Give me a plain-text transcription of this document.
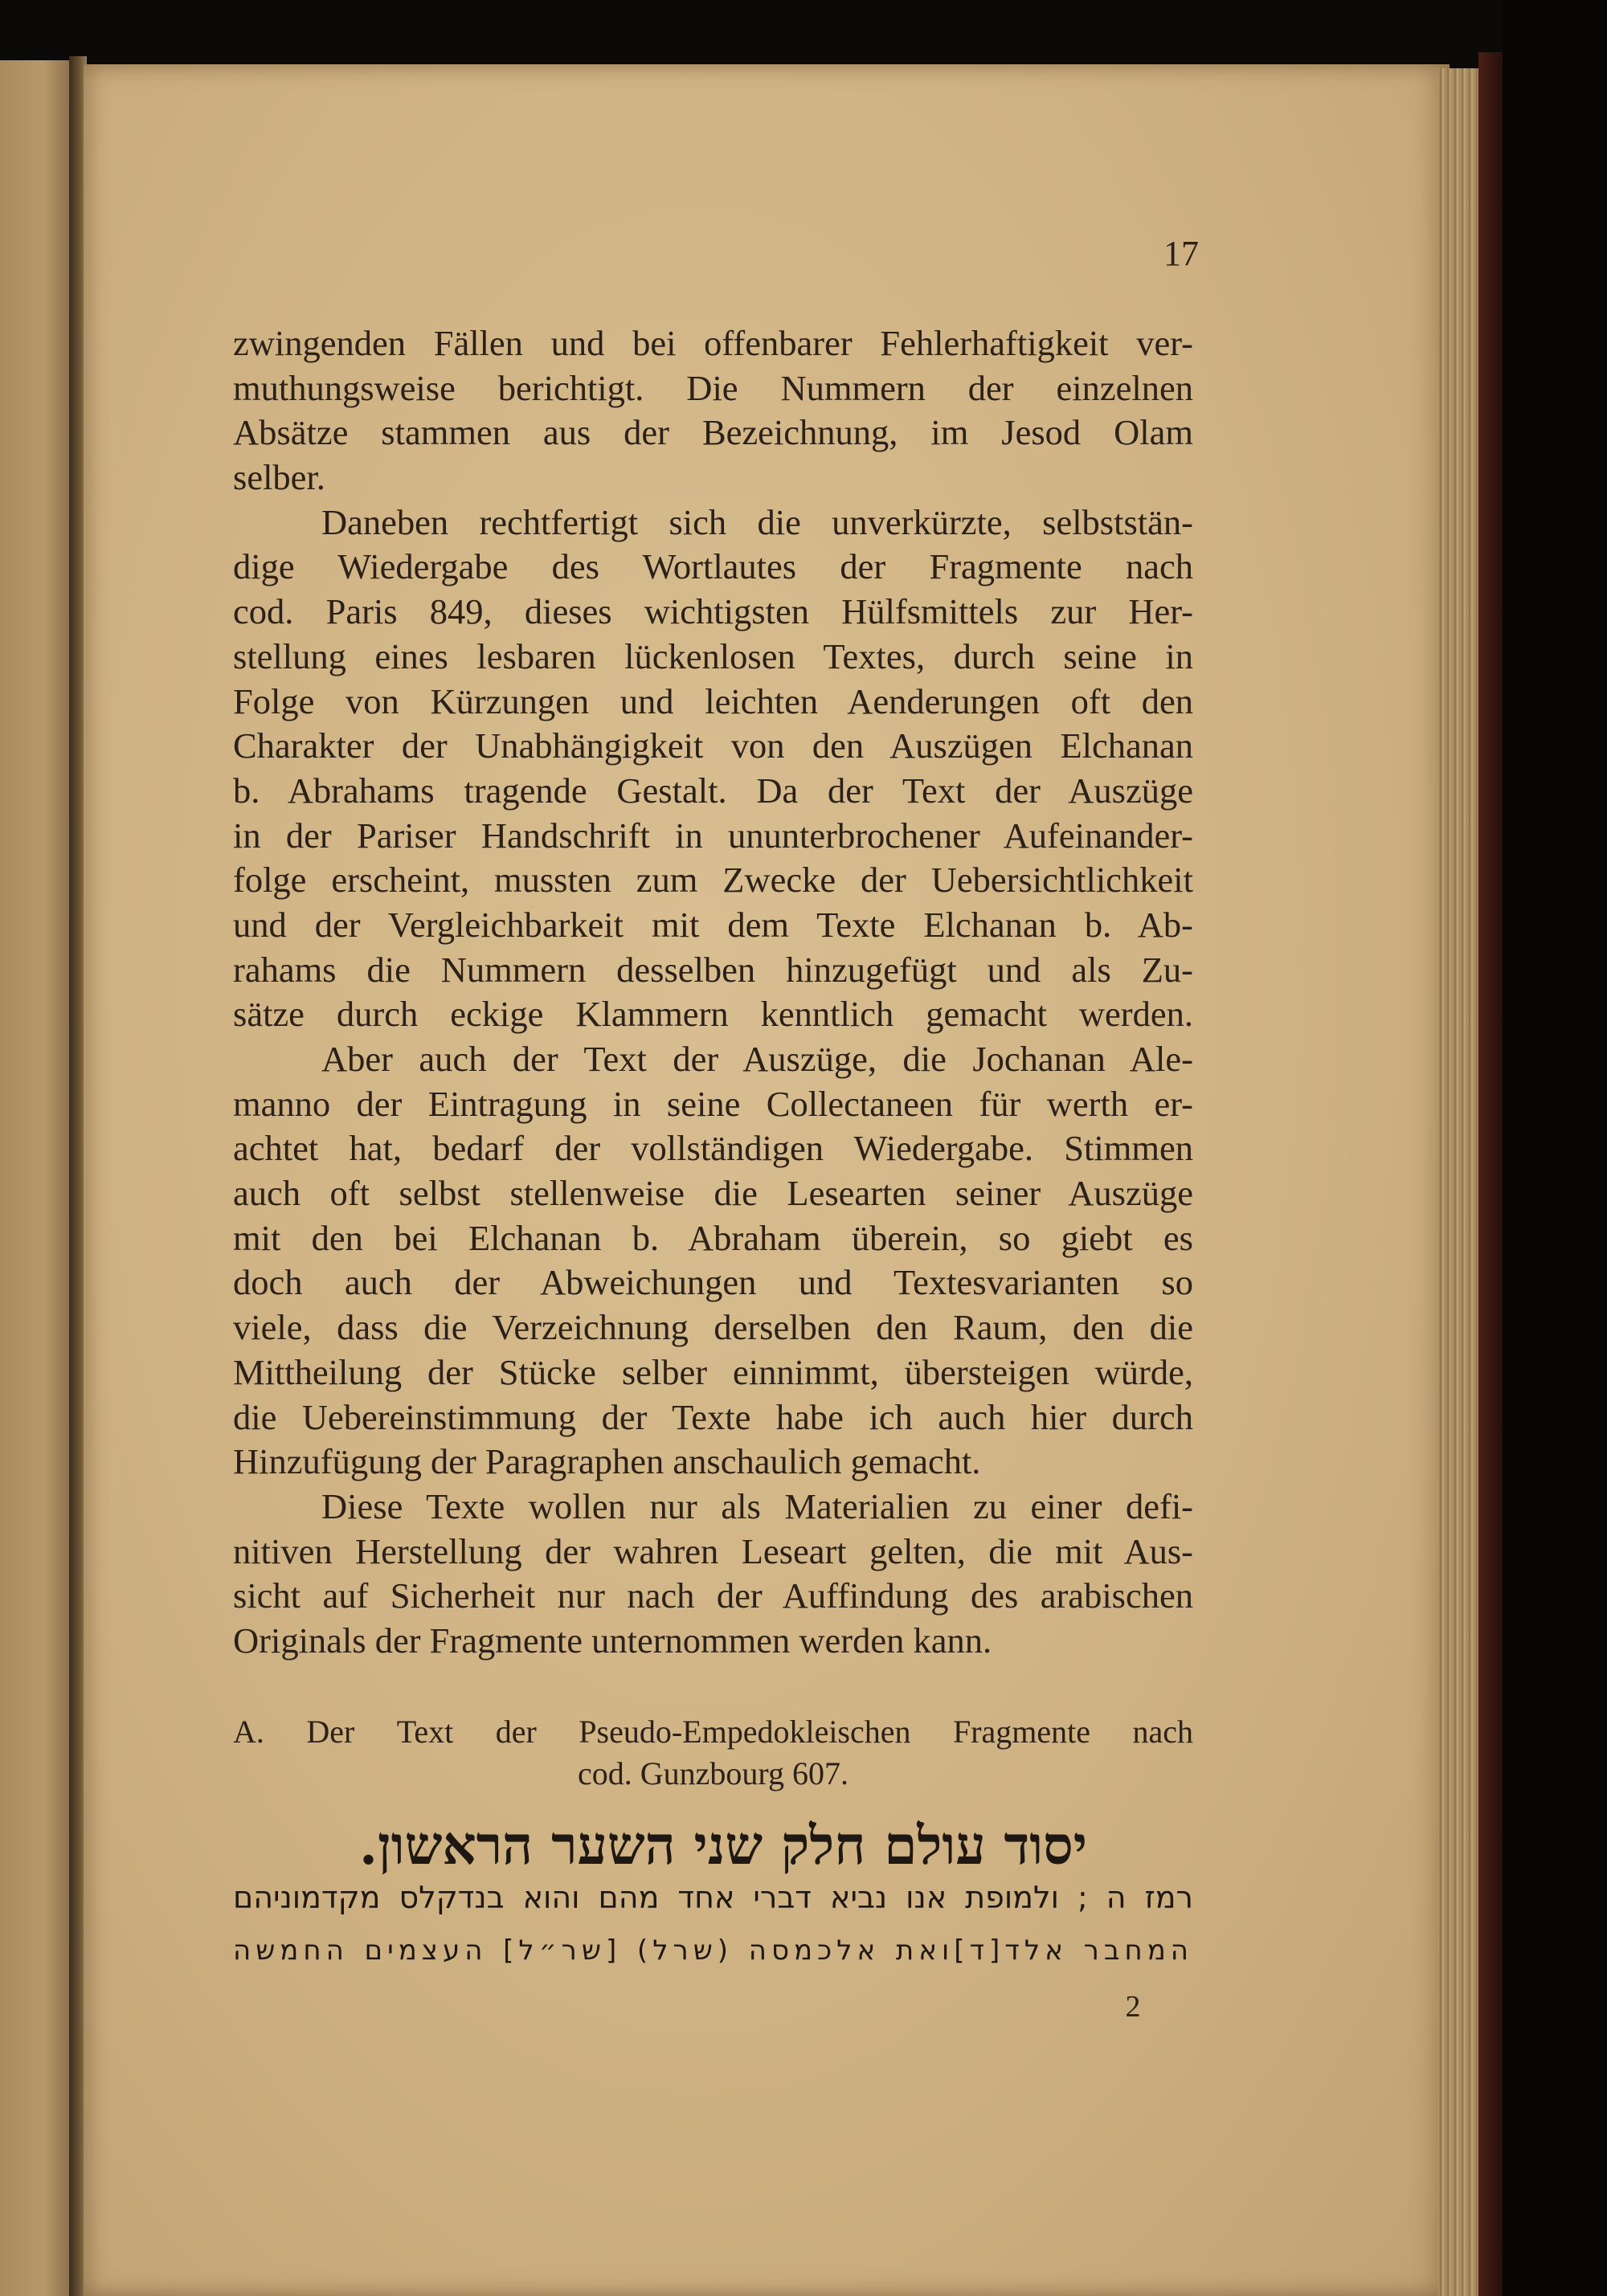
17
zwingenden Fällen und bei offenbarer Fehlerhaftigkeit ver-
muthungsweise berichtigt. Die Nummern der einzelnen
Absätze stammen aus der Bezeichnung, im Jesod Olam
selber.
Daneben rechtfertigt sich die unverkürzte, selbststän-
dige Wiedergabe des Wortlautes der Fragmente nach
cod. Paris 849, dieses wichtigsten Hülfsmittels zur Her-
stellung eines lesbaren lückenlosen Textes, durch seine in
Folge von Kürzungen und leichten Aenderungen oft den
Charakter der Unabhängigkeit von den Auszügen Elchanan
b. Abrahams tragende Gestalt. Da der Text der Auszüge
in der Pariser Handschrift in ununterbrochener Aufeinander-
folge erscheint, mussten zum Zwecke der Uebersichtlichkeit
und der Vergleichbarkeit mit dem Texte Elchanan b. Ab-
rahams die Nummern desselben hinzugefügt und als Zu-
sätze durch eckige Klammern kenntlich gemacht werden.
Aber auch der Text der Auszüge, die Jochanan Ale-
manno der Eintragung in seine Collectaneen für werth er-
achtet hat, bedarf der vollständigen Wiedergabe. Stimmen
auch oft selbst stellenweise die Lesearten seiner Auszüge
mit den bei Elchanan b. Abraham überein, so giebt es
doch auch der Abweichungen und Textesvarianten so
viele, dass die Verzeichnung derselben den Raum, den die
Mittheilung der Stücke selber einnimmt, übersteigen würde,
die Uebereinstimmung der Texte habe ich auch hier durch
Hinzufügung der Paragraphen anschaulich gemacht.
Diese Texte wollen nur als Materialien zu einer defi-
nitiven Herstellung der wahren Leseart gelten, die mit Aus-
sicht auf Sicherheit nur nach der Auffindung des arabischen
Originals der Fragmente unternommen werden kann.
A. Der Text der Pseudo-Empedokleischen Fragmente nach
cod. Gunzbourg 607.
יסוד עולם חלק שני השער הראשון.
רמז ה ; ולמופת אנו נביא דברי אחד מהם והוא בנדקלס מקדמוניהם
המחבר אלד[ד]ואת אלכמסה (שרל) [שר״ל] העצמים החמשה
2
